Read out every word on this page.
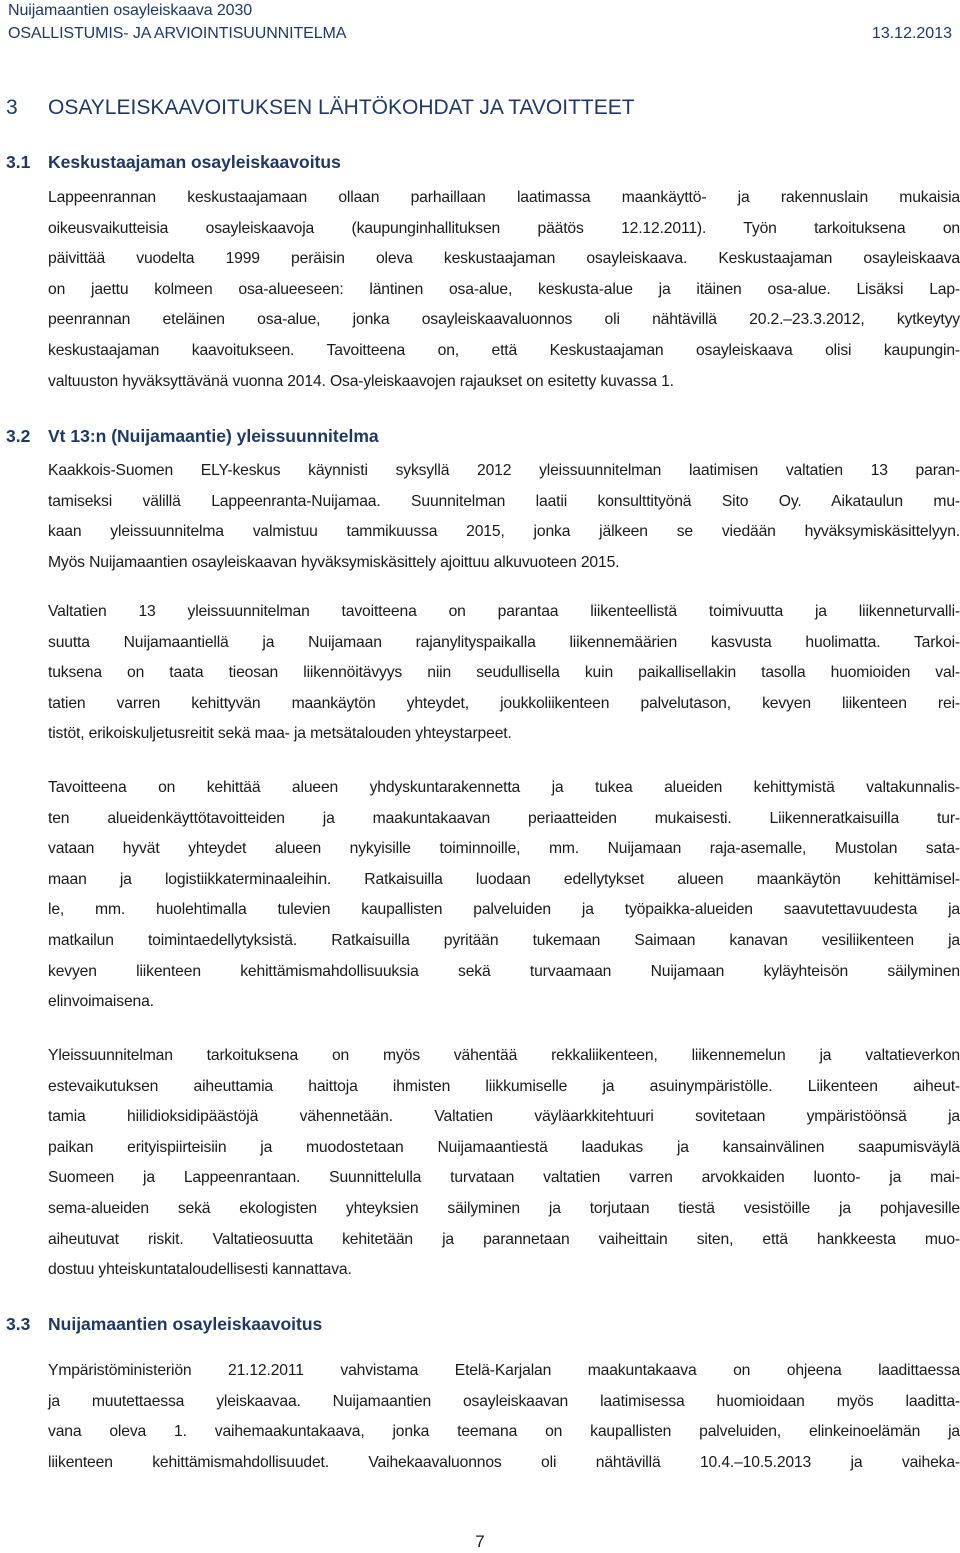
Nuijamaantien osayleiskaava 2030
OSALLISTUMIS- JA ARVIOINTISUUNNITELMA	13.12.2013
3 OSAYLEISKAAVOITUKSEN LÄHTÖKOHDAT JA TAVOITTEET
3.1 Keskustaajaman osayleiskaavoitus
Lappeenrannan keskustaajamaan ollaan parhaillaan laatimassa maankäyttö- ja rakennuslain mukaisia
oikeusvaikutteisia osayleiskaavoja (kaupunginhallituksen päätös 12.12.2011). Työn tarkoituksena on
päivittää vuodelta 1999 peräisin oleva keskustaajaman osayleiskaava. Keskustaajaman osayleiskaava
on jaettu kolmeen osa-alueeseen: läntinen osa-alue, keskusta-alue ja itäinen osa-alue. Lisäksi Lap-
peenrannan eteläinen osa-alue, jonka osayleiskaavaluonnos oli nähtävillä 20.2.–23.3.2012, kytkeytyy
keskustaajaman kaavoitukseen. Tavoitteena on, että Keskustaajaman osayleiskaava olisi kaupungin-
valtuuston hyväksyttävänä vuonna 2014. Osa-yleiskaavojen rajaukset on esitetty kuvassa 1.
3.2 Vt 13:n (Nuijamaantie) yleissuunnitelma
Kaakkois-Suomen ELY-keskus käynnisti syksyllä 2012 yleissuunnitelman laatimisen valtatien 13 paran-
tamiseksi välillä Lappeenranta-Nuijamaa. Suunnitelman laatii konsulttityönä Sito Oy. Aikataulun mu-
kaan yleissuunnitelma valmistuu tammikuussa 2015, jonka jälkeen se viedään hyväksymiskäsittelyyn.
Myös Nuijamaantien osayleiskaavan hyväksymiskäsittely ajoittuu alkuvuoteen 2015.
Valtatien 13 yleissuunnitelman tavoitteena on parantaa liikenteellistä toimivuutta ja liikenneturvalli-
suutta Nuijamaantiellä ja Nuijamaan rajanylityspaikalla liikennemäärien kasvusta huolimatta. Tarkoi-
tuksena on taata tieosan liikennöitävyys niin seudullisella kuin paikallisellakin tasolla huomioiden val-
tatien varren kehittyvän maankäytön yhteydet, joukkoliikenteen palvelutason, kevyen liikenteen rei-
tistöt, erikoiskuljetusreitit sekä maa- ja metsätalouden yhteystarpeet.
Tavoitteena on kehittää alueen yhdyskuntarakennetta ja tukea alueiden kehittymistä valtakunnalis-
ten alueidenkäyttötavoitteiden ja maakuntakaavan periaatteiden mukaisesti. Liikenneratkaisuilla tur-
vataan hyvät yhteydet alueen nykyisille toiminnoille, mm. Nuijamaan raja-asemalle, Mustolan sata-
maan ja logistiikkaterminaaleihin. Ratkaisuilla luodaan edellytykset alueen maankäytön kehittämisel-
le, mm. huolehtimalla tulevien kaupallisten palveluiden ja työpaikka-alueiden saavutettavuudesta ja
matkailun toimintaedellytyksistä. Ratkaisuilla pyritään tukemaan Saimaan kanavan vesiliikenteen ja
kevyen liikenteen kehittämismahdollisuuksia sekä turvaamaan Nuijamaan kyläyhteisön säilyminen
elinvoimaisena.
Yleissuunnitelman tarkoituksena on myös vähentää rekkaliikenteen, liikennemelun ja valtatieverkon
estevaikutuksen aiheuttamia haittoja ihmisten liikkumiselle ja asuinympäristölle. Liikenteen aiheut-
tamia hiilidioksidipäästöjä vähennetään. Valtatien väyläarkkitehtuuri sovitetaan ympäristöönsä ja
paikan erityispiirteisiin ja muodostetaan Nuijamaantiestä laadukas ja kansainvälinen saapumisväylä
Suomeen ja Lappeenrantaan. Suunnittelulla turvataan valtatien varren arvokkaiden luonto- ja mai-
sema-alueiden sekä ekologisten yhteyksien säilyminen ja torjutaan tiestä vesistöille ja pohjavesille
aiheutuvat riskit. Valtatieosuutta kehitetään ja parannetaan vaiheittain siten, että hankkeesta muo-
dostuu yhteiskuntataloudellisesti kannattava.
3.3 Nuijamaantien osayleiskaavoitus
Ympäristöministeriön 21.12.2011 vahvistama Etelä-Karjalan maakuntakaava on ohjeena laadittaessa
ja muutettaessa yleiskaavaa. Nuijamaantien osayleiskaavan laatimisessa huomioidaan myös laadittа-
vana oleva 1. vaihemaakuntakaava, jonka teemana on kaupallisten palveluiden, elinkeinoelämän ja
liikenteen kehittämismahdollisuudet. Vaihekaavaluonnos oli nähtävillä 10.4.–10.5.2013 ja vaiheka-
7
